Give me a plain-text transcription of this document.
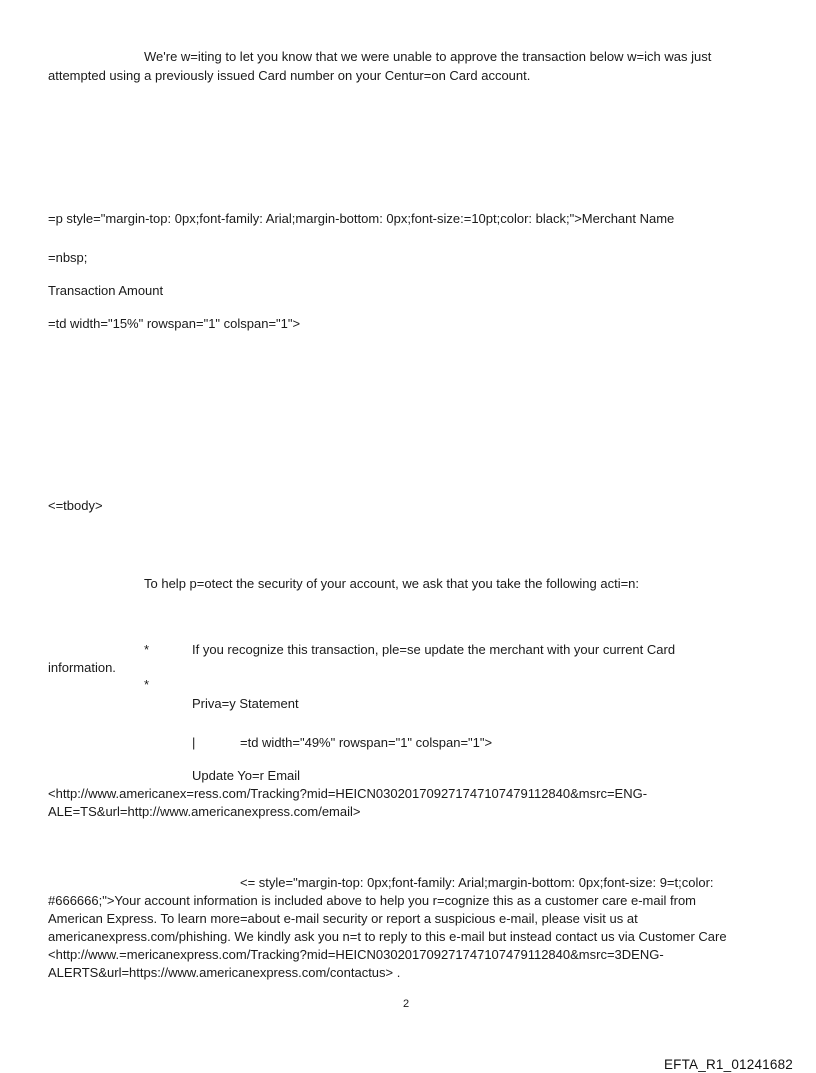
We're w=iting to let you know that we were unable to approve the transaction below w=ich was just

attempted using a previously issued Card number on your Centur=on Card account.

=p style="margin-top: 0px;font-family: Arial;margin-bottom: 0px;font-size:=10pt;color: black;">Merchant Name

=nbsp;

Transaction Amount

=td width="15%" rowspan="1" colspan="1">

<=tbody>

To help p=otect the security of your account, we ask that you take the following acti=n:

*	If you recognize this transaction, ple=se update the merchant with your current Card

information.

*

Priva=y Statement

|	=td width="49%" rowspan="1" colspan="1">

Update Yo=r Email

<http://www.americanex=ress.com/Tracking?mid=HEICN030201709271747107479112840&msrc=ENG-

ALE=TS&url=http://www.americanexpress.com/email>

<= style="margin-top: 0px;font-family: Arial;margin-bottom: 0px;font-size: 9=t;color:

#666666;">Your account information is included above to help you r=cognize this as a customer care e-mail from

American Express. To learn more=about e-mail security or report a suspicious e-mail, please visit us at

americanexpress.com/phishing. We kindly ask you n=t to reply to this e-mail but instead contact us via Customer Care

<http://www.=mericanexpress.com/Tracking?mid=HEICN030201709271747107479112840&msrc=3DENG-

ALERTS&url=https://www.americanexpress.com/contactus> .

2

EFTA_R1_01241682
